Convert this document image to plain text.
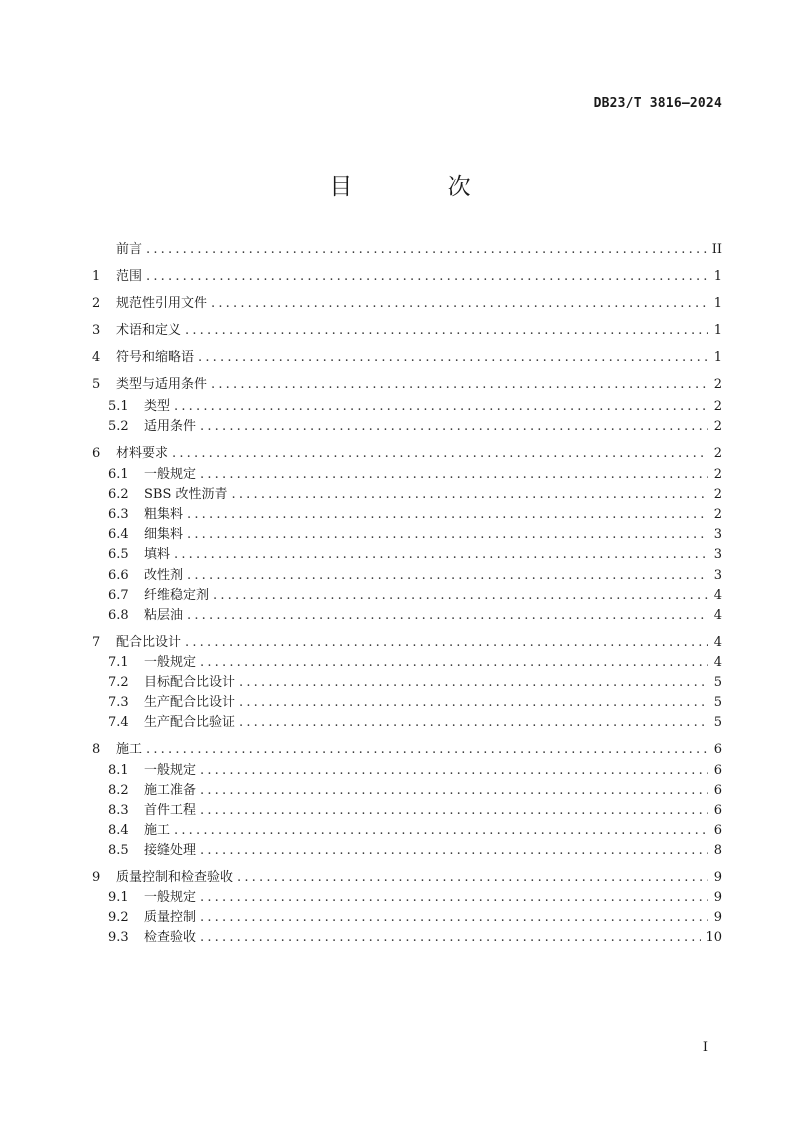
DB23/T 3816—2024
目 次
前言 .....	II
1	范围 .....	1
2	规范性引用文件 .....	1
3	术语和定义 .....	1
4	符号和缩略语 .....	1
5	类型与适用条件 .....	2
5.1	类型 .....	2
5.2	适用条件 .....	2
6	材料要求 .....	2
6.1	一般规定 .....	2
6.2	SBS 改性沥青 .....	2
6.3	粗集料 .....	2
6.4	细集料 .....	3
6.5	填料 .....	3
6.6	改性剂 .....	3
6.7	纤维稳定剂 .....	4
6.8	粘层油 .....	4
7	配合比设计 .....	4
7.1	一般规定 .....	4
7.2	目标配合比设计 .....	5
7.3	生产配合比设计 .....	5
7.4	生产配合比验证 .....	5
8	施工 .....	6
8.1	一般规定 .....	6
8.2	施工准备 .....	6
8.3	首件工程 .....	6
8.4	施工 .....	6
8.5	接缝处理 .....	8
9	质量控制和检查验收 .....	9
9.1	一般规定 .....	9
9.2	质量控制 .....	9
9.3	检查验收 .....	10
I
